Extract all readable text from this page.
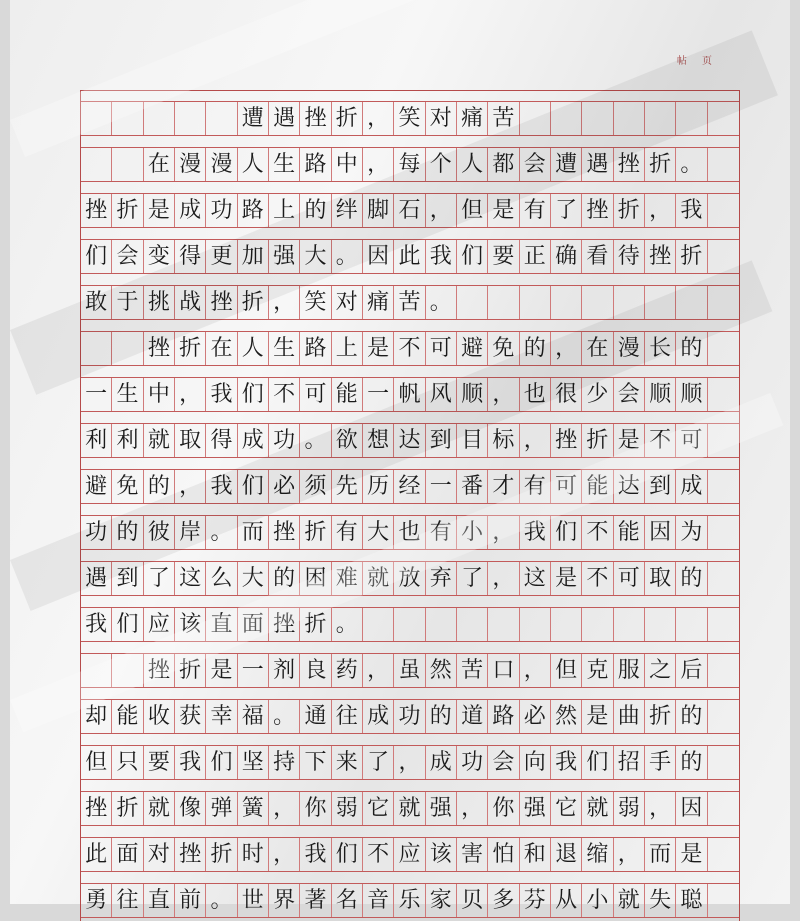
帖 页
遭 遇 挫 折 ， 笑 对 痛 苦
在 漫 漫 人 生 路 中 ， 每 个 人 都 会 遭 遇 挫 折 。
挫 折 是 成 功 路 上 的 绊 脚 石 ， 但 是 有 了 挫 折 ， 我
们 会 变 得 更 加 强 大 。 因 此 我 们 要 正 确 看 待 挫 折
敢 于 挑 战 挫 折 ， 笑 对 痛 苦 。
挫 折 在 人 生 路 上 是 不 可 避 免 的 ， 在 漫 长 的
一 生 中 ， 我 们 不 可 能 一 帆 风 顺 ， 也 很 少 会 顺 顺
利 利 就 取 得 成 功 。 欲 想 达 到 目 标 ， 挫 折 是 不 可
避 免 的 ， 我 们 必 须 先 历 经 一 番 才 有 可 能 达 到 成
功 的 彼 岸 。 而 挫 折 有 大 也 有 小 ， 我 们 不 能 因 为
遇 到 了 这 么 大 的 困 难 就 放 弃 了 ， 这 是 不 可 取 的
我 们 应 该 直 面 挫 折 。
挫 折 是 一 剂 良 药 ， 虽 然 苦 口 ， 但 克 服 之 后
却 能 收 获 幸 福 。 通 往 成 功 的 道 路 必 然 是 曲 折 的
但 只 要 我 们 坚 持 下 来 了 ， 成 功 会 向 我 们 招 手 的
挫 折 就 像 弹 簧 ， 你 弱 它 就 强 ， 你 强 它 就 弱 ， 因
此 面 对 挫 折 时 ， 我 们 不 应 该 害 怕 和 退 缩 ， 而 是
勇 往 直 前 。 世 界 著 名 音 乐 家 贝 多 芬 从 小 就 失 聪
